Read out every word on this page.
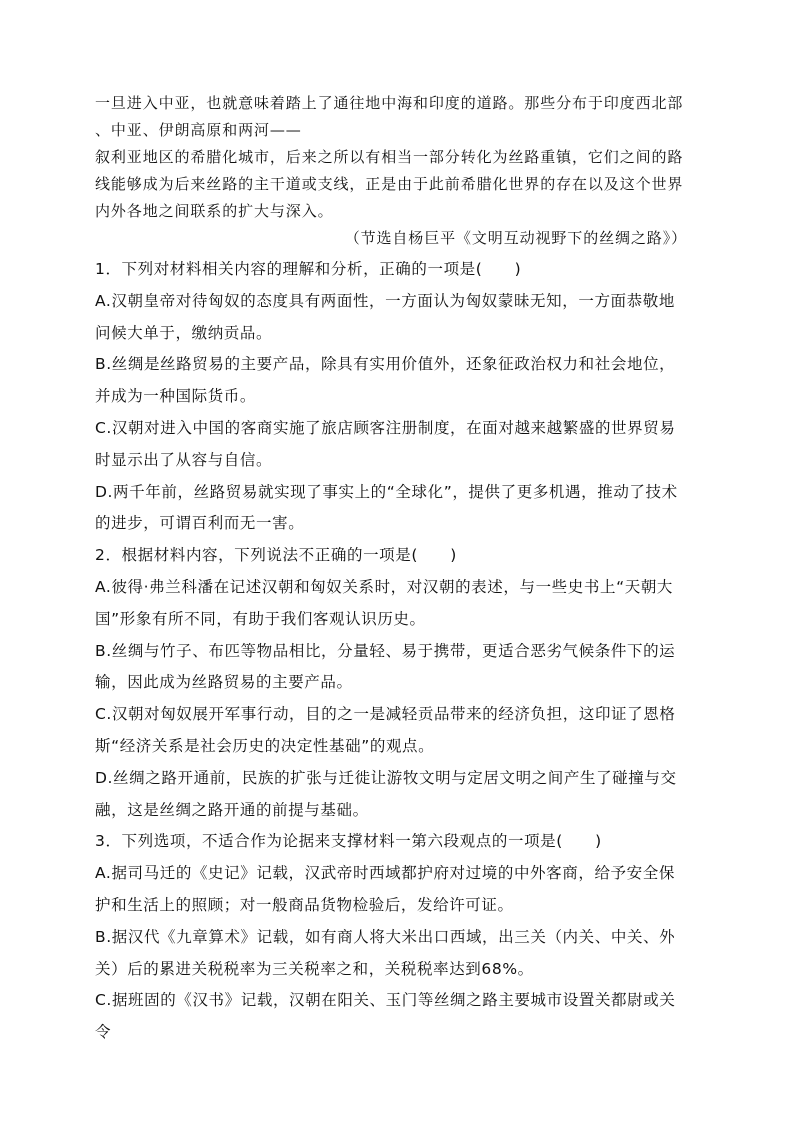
一旦进入中亚，也就意味着踏上了通往地中海和印度的道路。那些分布于印度西北部

、中亚、伊朗高原和两河——

叙利亚地区的希腊化城市，后来之所以有相当一部分转化为丝路重镇，它们之间的路

线能够成为后来丝路的主干道或支线，正是由于此前希腊化世界的存在以及这个世界

内外各地之间联系的扩大与深入。

（节选自杨巨平《文明互动视野下的丝绸之路》）

1．下列对材料相关内容的理解和分析，正确的一项是(　　)

A.汉朝皇帝对待匈奴的态度具有两面性，一方面认为匈奴蒙昧无知，一方面恭敬地问候大单于，缴纳贡品。

B.丝绸是丝路贸易的主要产品，除具有实用价值外，还象征政治权力和社会地位，并成为一种国际货币。

C.汉朝对进入中国的客商实施了旅店顾客注册制度，在面对越来越繁盛的世界贸易时显示出了从容与自信。

D.两千年前，丝路贸易就实现了事实上的“全球化”，提供了更多机遇，推动了技术的进步，可谓百利而无一害。

2．根据材料内容，下列说法不正确的一项是(　　)

A.彼得·弗兰科潘在记述汉朝和匈奴关系时，对汉朝的表述，与一些史书上“天朝大国”形象有所不同，有助于我们客观认识历史。

B.丝绸与竹子、布匹等物品相比，分量轻、易于携带，更适合恶劣气候条件下的运输，因此成为丝路贸易的主要产品。

C.汉朝对匈奴展开军事行动，目的之一是减轻贡品带来的经济负担，这印证了恩格斯“经济关系是社会历史的决定性基础”的观点。

D.丝绸之路开通前，民族的扩张与迁徙让游牧文明与定居文明之间产生了碰撞与交融，这是丝绸之路开通的前提与基础。

3．下列选项，不适合作为论据来支撑材料一第六段观点的一项是(　　)

A.据司马迁的《史记》记载，汉武帝时西域都护府对过境的中外客商，给予安全保护和生活上的照顾；对一般商品货物检验后，发给许可证。

B.据汉代《九章算术》记载，如有商人将大米出口西域，出三关（内关、中关、外关）后的累进关税税率为三关税率之和，关税税率达到68%。

C.据班固的《汉书》记载，汉朝在阳关、玉门等丝绸之路主要城市设置关都尉或关令
